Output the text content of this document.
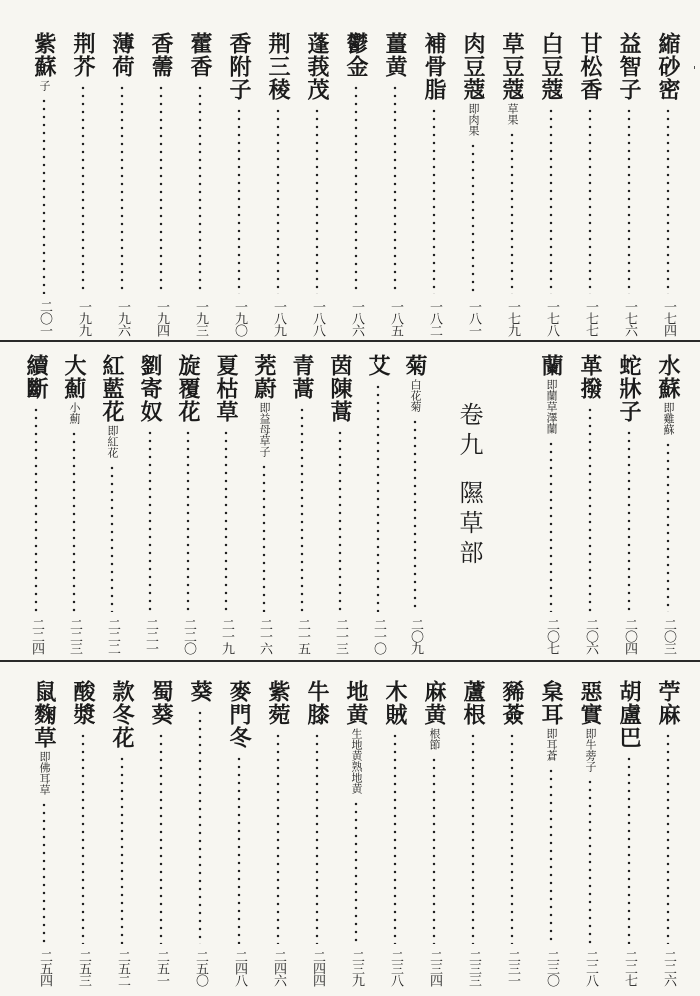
'
縮砂密
一七四
益智子
一七六
甘松香
一七七
白豆蔻
一七八
草豆蔻
草果
一七九
肉豆蔻
即肉果
一八一
補骨脂
一八二
薑黄
一八五
鬱金
一八六
蓬莪茂
一八八
荆三稜
一八九
香附子
一九〇
藿香
一九三
香薷
一九四
薄荷
一九六
荆芥
一九九
紫蘇
子
二〇一
水蘇
即雞蘇
二〇三
蛇牀子
二〇四
革撥
二〇六
蘭
即蘭草澤蘭
二〇七
卷九隰草部
菊
白花菊
二〇九
艾
二一〇
茵陳蒿
二一三
青蒿
二一五
茺蔚
即益母草子
二一六
夏枯草
二一九
旋覆花
二二〇
劉寄奴
二二一
紅藍花
即紅花
二二二
大薊
小薊
二二三
續斷
二二四
苧麻
二二六
胡盧巴
二二七
惡實
即牛蒡子
二二八
枲耳
即耳蒼
二三〇
豨薟
二三一
蘆根
二三三
麻黄
根節
二三四
木賊
二三八
地黄
生地黄熟地黄
二三九
牛膝
二四四
紫菀
二四六
麥門冬
二四八
葵
二五〇
蜀葵
二五一
款冬花
二五二
酸漿
二五三
鼠麴草
即佛耳草
二五四
